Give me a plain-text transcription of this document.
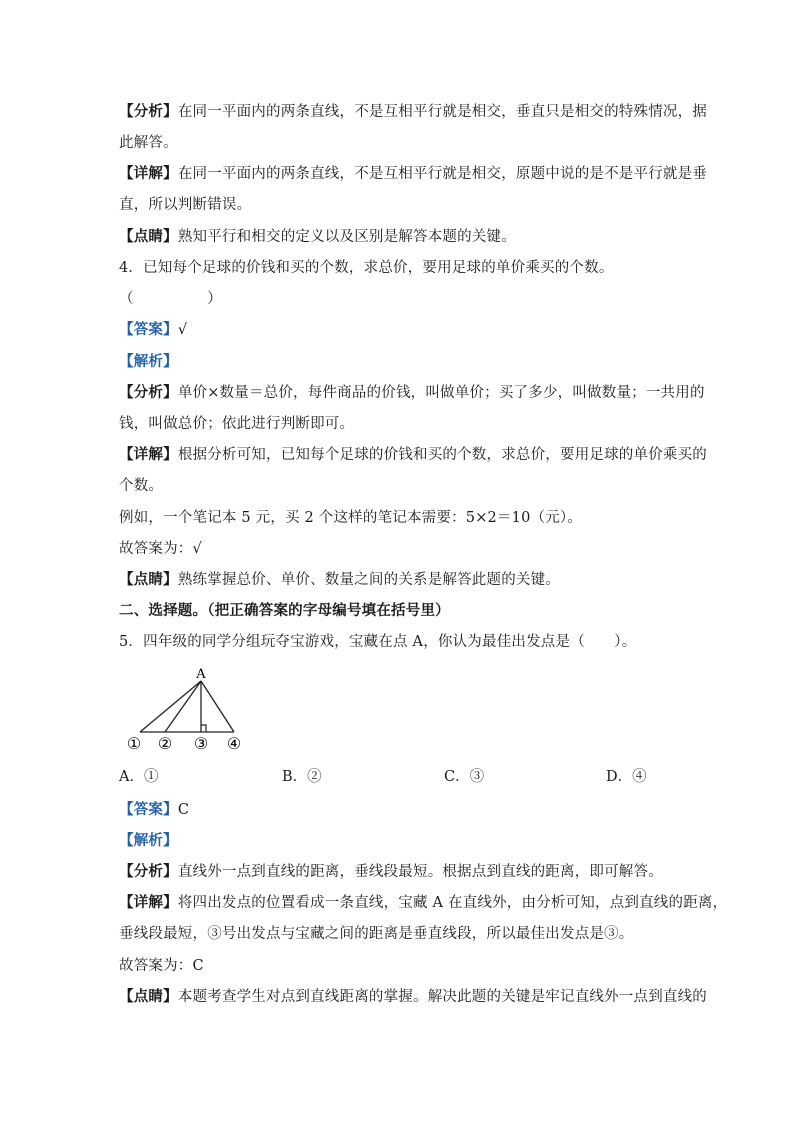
【分析】在同一平面内的两条直线，不是互相平行就是相交，垂直只是相交的特殊情况，据
此解答。
【详解】在同一平面内的两条直线，不是互相平行就是相交，原题中说的是不是平行就是垂
直，所以判断错误。
【点睛】熟知平行和相交的定义以及区别是解答本题的关键。
4．已知每个足球的价钱和买的个数，求总价，要用足球的单价乘买的个数。
（　　　　　）
【答案】√
【解析】
【分析】单价×数量＝总价，每件商品的价钱，叫做单价；买了多少，叫做数量；一共用的
钱，叫做总价；依此进行判断即可。
【详解】根据分析可知，已知每个足球的价钱和买的个数，求总价，要用足球的单价乘买的
个数。
例如，一个笔记本 5 元，买 2 个这样的笔记本需要：5×2＝10（元）。
故答案为：√
【点睛】熟练掌握总价、单价、数量之间的关系是解答此题的关键。
二、选择题。（把正确答案的字母编号填在括号里）
5．四年级的同学分组玩夺宝游戏，宝藏在点 A，你认为最佳出发点是（　　）。
A
① ② ③ ④
A．①	B．②	C．③	D．④
【答案】C
【解析】
【分析】直线外一点到直线的距离，垂线段最短。根据点到直线的距离，即可解答。
【详解】将四出发点的位置看成一条直线，宝藏 A 在直线外，由分析可知，点到直线的距离，
垂线段最短，③号出发点与宝藏之间的距离是垂直线段，所以最佳出发点是③。
故答案为：C
【点睛】本题考查学生对点到直线距离的掌握。解决此题的关键是牢记直线外一点到直线的
